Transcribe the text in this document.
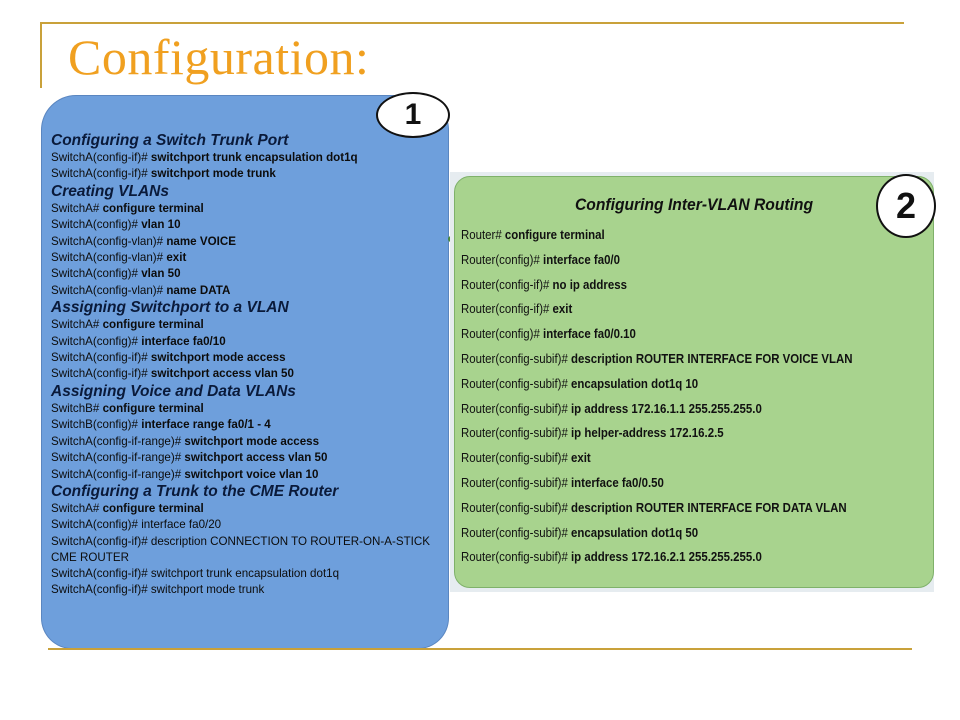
Configuration:

Configuring a Switch Trunk Port

SwitchA(config-if)# switchport trunk encapsulation dot1q

SwitchA(config-if)# switchport mode trunk

Creating VLANs

SwitchA# configure terminal

SwitchA(config)# vlan 10

SwitchA(config-vlan)# name VOICE

SwitchA(config-vlan)# exit

SwitchA(config)# vlan 50

SwitchA(config-vlan)# name DATA

Assigning Switchport to a VLAN

SwitchA# configure terminal

SwitchA(config)# interface fa0/10

SwitchA(config-if)# switchport mode access

SwitchA(config-if)# switchport access vlan 50

Assigning Voice and Data VLANs

SwitchB# configure terminal

SwitchB(config)# interface range fa0/1 - 4

SwitchA(config-if-range)# switchport mode access

SwitchA(config-if-range)# switchport access vlan 50

SwitchA(config-if-range)# switchport voice vlan 10

Configuring a Trunk to the CME Router

SwitchA# configure terminal

SwitchA(config)# interface fa0/20

SwitchA(config-if)# description CONNECTION TO ROUTER-ON-A-STICK CME ROUTER

SwitchA(config-if)# switchport trunk encapsulation dot1q

SwitchA(config-if)# switchport mode trunk

1

Configuring Inter-VLAN Routing

Router# configure terminal

Router(config)# interface fa0/0

Router(config-if)# no ip address

Router(config-if)# exit

Router(config)# interface fa0/0.10

Router(config-subif)# description ROUTER INTERFACE FOR VOICE VLAN

Router(config-subif)# encapsulation dot1q 10

Router(config-subif)# ip address 172.16.1.1 255.255.255.0

Router(config-subif)# ip helper-address 172.16.2.5

Router(config-subif)# exit

Router(config-subif)# interface fa0/0.50

Router(config-subif)# description ROUTER INTERFACE FOR DATA VLAN

Router(config-subif)# encapsulation dot1q 50

Router(config-subif)# ip address 172.16.2.1 255.255.255.0

2
